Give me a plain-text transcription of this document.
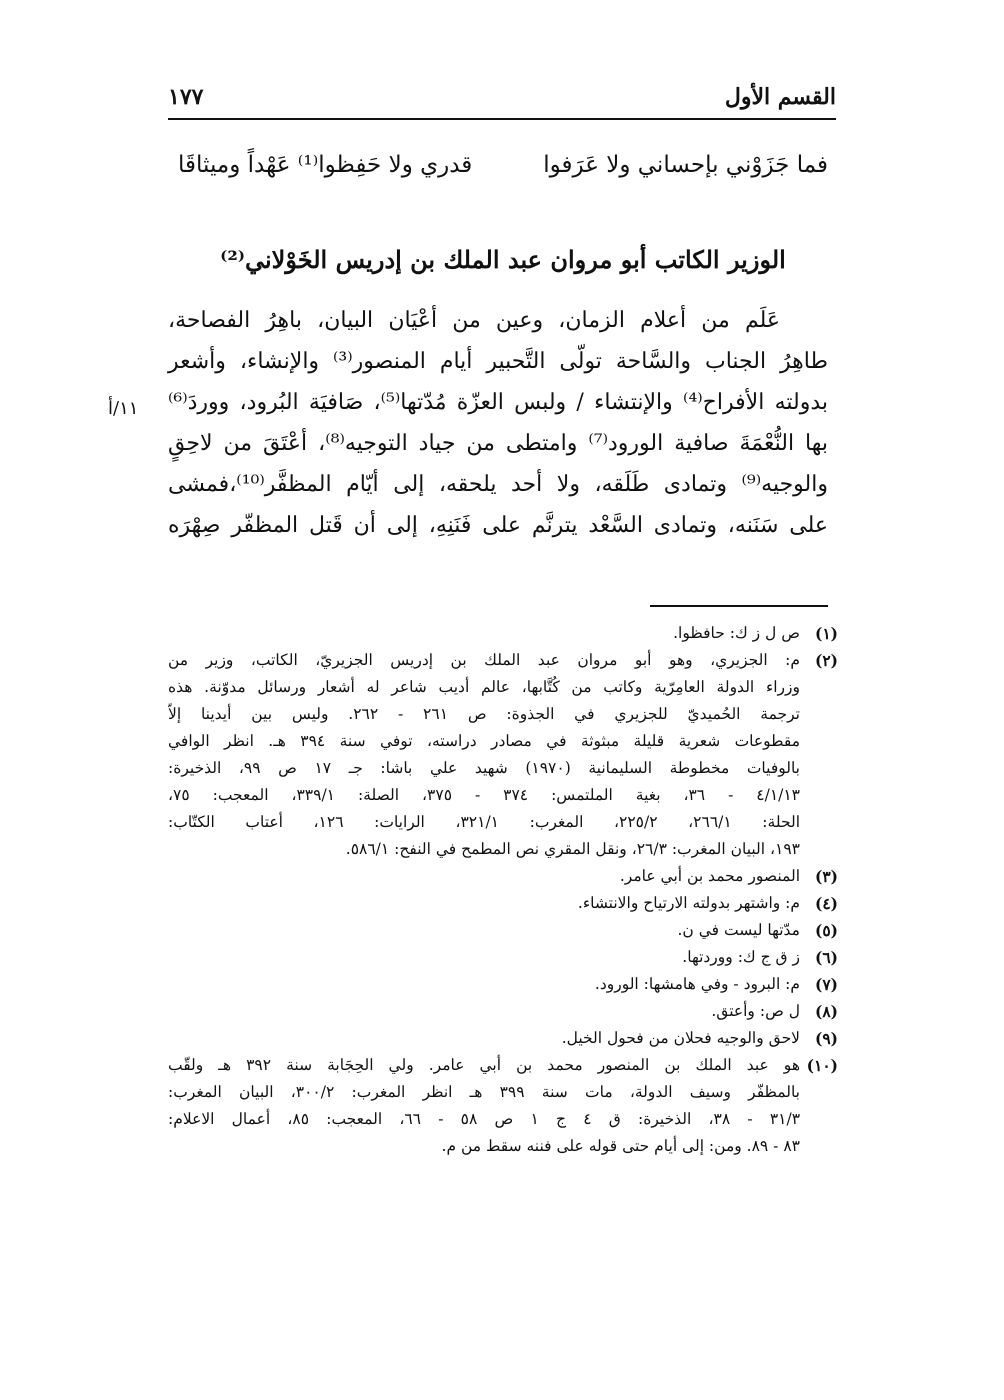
القسم الأول
١٧٧
فما جَزَوْني بإحساني ولا عَرَفوا
قدري ولا حَفِظوا⁽¹⁾ عَهْداً وميثاقَا
الوزير الكاتب أبو مروان عبد الملك بن إدريس الخَوْلاني⁽²⁾
عَلَم من أعلام الزمان، وعين من أعْيَان البيان، باهِرُ الفصاحة،
طاهِرُ الجناب والسَّاحة تولّى التَّحبير أيام المنصور⁽³⁾ والإنشاء، وأشعر
بدولته الأفراح⁽⁴⁾ والإنتشاء / ولبس العزّة مُدّتها⁽⁵⁾، صَافيَة البُرود، ووردَ⁽⁶⁾
بها النُّعْمَةَ صافية الورود⁽⁷⁾ وامتطى من جياد التوجيه⁽⁸⁾، أعْتَقَ من لاحِقٍ
والوجيه⁽⁹⁾ وتمادى طَلَقه، ولا أحد يلحقه، إلى أيّام المظفَّر⁽¹⁰⁾،فمشى
على سَنَنه، وتمادى السَّعْد يترنَّم على فَنَنِهِ، إلى أن قَتل المظفّر صِهْرَه
١١/أ
(١)
ص ل ز ك: حافظوا.
(٢)
م: الجزيري، وهو أبو مروان عبد الملك بن إدريس الجزيريّ، الكاتب، وزير من
وزراء الدولة العامِرّية وكاتب من كُتَّابها، عالم أديب شاعر له أشعار ورسائل مدوّنة. هذه
ترجمة الحُميديّ للجزيري في الجذوة: ص ٢٦١ - ٢٦٢. وليس بين أيدينا إلاّ
مقطوعات شعرية قليلة مبثوثة في مصادر دراسته، توفي سنة ٣٩٤ هـ. انظر الوافي
بالوفيات مخطوطة السليمانية (١٩٧٠) شهيد علي باشا: جـ ١٧ ص ٩٩، الذخيرة:
٤/١/١٣ - ٣٦، بغية الملتمس: ٣٧٤ - ٣٧٥، الصلة: ٣٣٩/١، المعجب: ٧٥،
الحلة: ٢٦٦/١، ٢٢٥/٢، المغرب: ٣٢١/١، الرايات: ١٢٦، أعتاب الكتّاب:
١٩٣، البيان المغرب: ٢٦/٣، ونقل المقري نص المطمح في النفح: ٥٨٦/١.
(٣)
المنصور محمد بن أبي عامر.
(٤)
م: واشتهر بدولته الارتياح والانتشاء.
(٥)
مدّتها ليست في ن.
(٦)
ز ق ج ك: ووردتها.
(٧)
م: البرود - وفي هامشها: الورود.
(٨)
ل ص: وأعتق.
(٩)
لاحق والوجيه فحلان من فحول الخيل.
(١٠)
هو عبد الملك بن المنصور محمد بن أبي عامر. ولي الحِجَابة سنة ٣٩٢ هـ ولقّب
بالمظفّر وسيف الدولة، مات سنة ٣٩٩ هـ انظر المغرب: ٣٠٠/٢، البيان المغرب:
٣١/٣ - ٣٨، الذخيرة: ق ٤ ج ١ ص ٥٨ - ٦٦، المعجب: ٨٥، أعمال الاعلام:
٨٣ - ٨٩. ومن: إلى أيام حتى قوله على فننه سقط من م.
